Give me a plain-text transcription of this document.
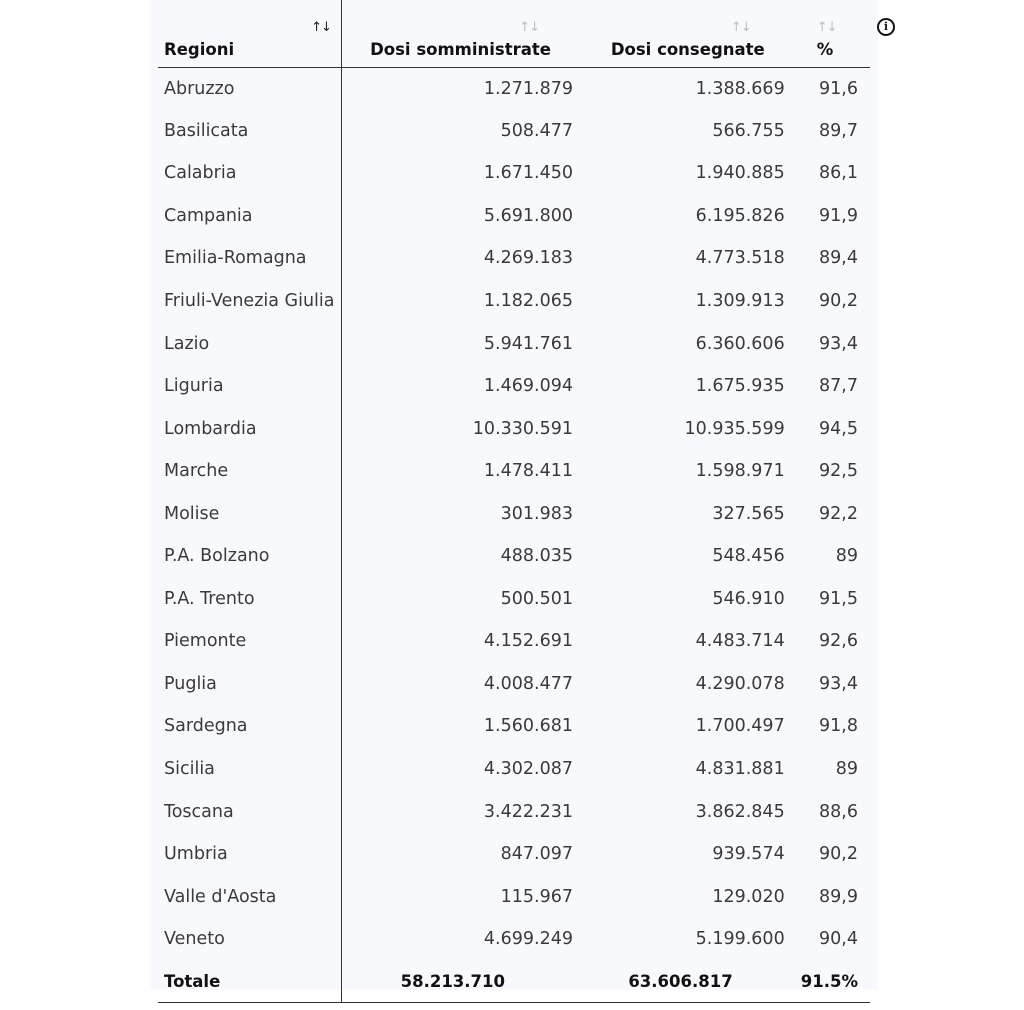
i
Regioni
↑↓	Dosi somministrate
↑↓	Dosi consegnate
↑↓	%
↑↓

Abruzzo	1.271.879	1.388.669	91,6
Basilicata	508.477	566.755	89,7
Calabria	1.671.450	1.940.885	86,1
Campania	5.691.800	6.195.826	91,9
Emilia-Romagna	4.269.183	4.773.518	89,4
Friuli-Venezia Giulia	1.182.065	1.309.913	90,2
Lazio	5.941.761	6.360.606	93,4
Liguria	1.469.094	1.675.935	87,7
Lombardia	10.330.591	10.935.599	94,5
Marche	1.478.411	1.598.971	92,5
Molise	301.983	327.565	92,2
P.A. Bolzano	488.035	548.456	89
P.A. Trento	500.501	546.910	91,5
Piemonte	4.152.691	4.483.714	92,6
Puglia	4.008.477	4.290.078	93,4
Sardegna	1.560.681	1.700.497	91,8
Sicilia	4.302.087	4.831.881	89
Toscana	3.422.231	3.862.845	88,6
Umbria	847.097	939.574	90,2
Valle d'Aosta	115.967	129.020	89,9
Veneto	4.699.249	5.199.600	90,4
Totale	58.213.710	63.606.817	91.5%
